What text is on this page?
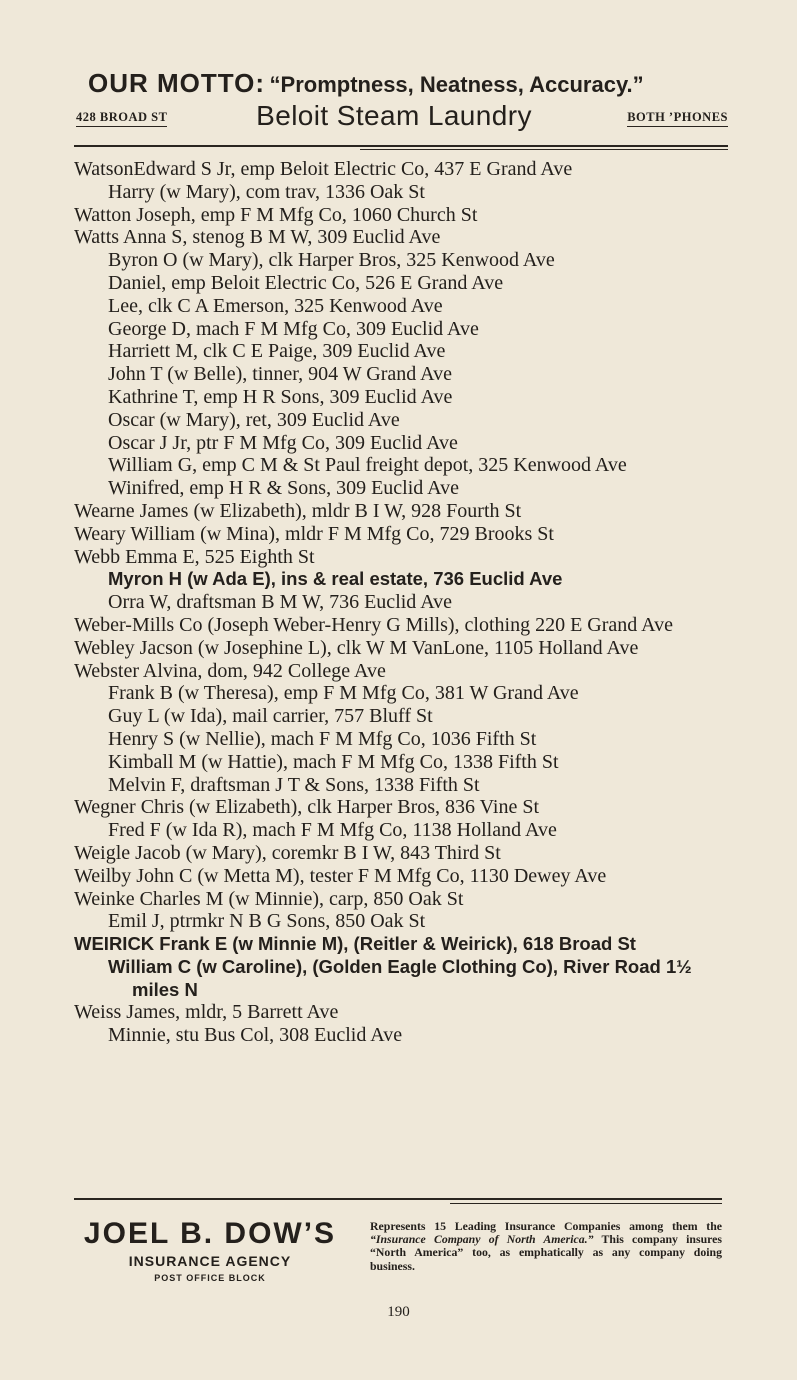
OUR MOTTO: “Promptness, Neatness, Accuracy.”
428 BROAD ST	Beloit Steam Laundry	BOTH ’PHONES
WatsonEdward S Jr, emp Beloit Electric Co, 437 E Grand Ave
Harry (w Mary), com trav, 1336 Oak St
Watton Joseph, emp F M Mfg Co, 1060 Church St
Watts Anna S, stenog B M W, 309 Euclid Ave
Byron O (w Mary), clk Harper Bros, 325 Kenwood Ave
Daniel, emp Beloit Electric Co, 526 E Grand Ave
Lee, clk C A Emerson, 325 Kenwood Ave
George D, mach F M Mfg Co, 309 Euclid Ave
Harriett M, clk C E Paige, 309 Euclid Ave
John T (w Belle), tinner, 904 W Grand Ave
Kathrine T, emp H R Sons, 309 Euclid Ave
Oscar (w Mary), ret, 309 Euclid Ave
Oscar J Jr, ptr F M Mfg Co, 309 Euclid Ave
William G, emp C M & St Paul freight depot, 325 Kenwood Ave
Winifred, emp H R & Sons, 309 Euclid Ave
Wearne James (w Elizabeth), mldr B I W, 928 Fourth St
Weary William (w Mina), mldr F M Mfg Co, 729 Brooks St
Webb Emma E, 525 Eighth St
Myron H (w Ada E), ins & real estate, 736 Euclid Ave
Orra W, draftsman B M W, 736 Euclid Ave
Weber-Mills Co (Joseph Weber-Henry G Mills), clothing 220 E Grand Ave
Webley Jacson (w Josephine L), clk W M VanLone, 1105 Holland Ave
Webster Alvina, dom, 942 College Ave
Frank B (w Theresa), emp F M Mfg Co, 381 W Grand Ave
Guy L (w Ida), mail carrier, 757 Bluff St
Henry S (w Nellie), mach F M Mfg Co, 1036 Fifth St
Kimball M (w Hattie), mach F M Mfg Co, 1338 Fifth St
Melvin F, draftsman J T & Sons, 1338 Fifth St
Wegner Chris (w Elizabeth), clk Harper Bros, 836 Vine St
Fred F (w Ida R), mach F M Mfg Co, 1138 Holland Ave
Weigle Jacob (w Mary), coremkr B I W, 843 Third St
Weilby John C (w Metta M), tester F M Mfg Co, 1130 Dewey Ave
Weinke Charles M (w Minnie), carp, 850 Oak St
Emil J, ptrmkr N B G Sons, 850 Oak St
WEIRICK Frank E (w Minnie M), (Reitler & Weirick), 618 Broad St
William C (w Caroline), (Golden Eagle Clothing Co), River Road 1½ miles N
Weiss James, mldr, 5 Barrett Ave
Minnie, stu Bus Col, 308 Euclid Ave
JOEL B. DOW’S
INSURANCE AGENCY
POST OFFICE BLOCK
Represents 15 Leading Insurance Companies among them the “Insurance Company of North America.” This company insures “North America” too, as emphatically as any company doing business.
190
